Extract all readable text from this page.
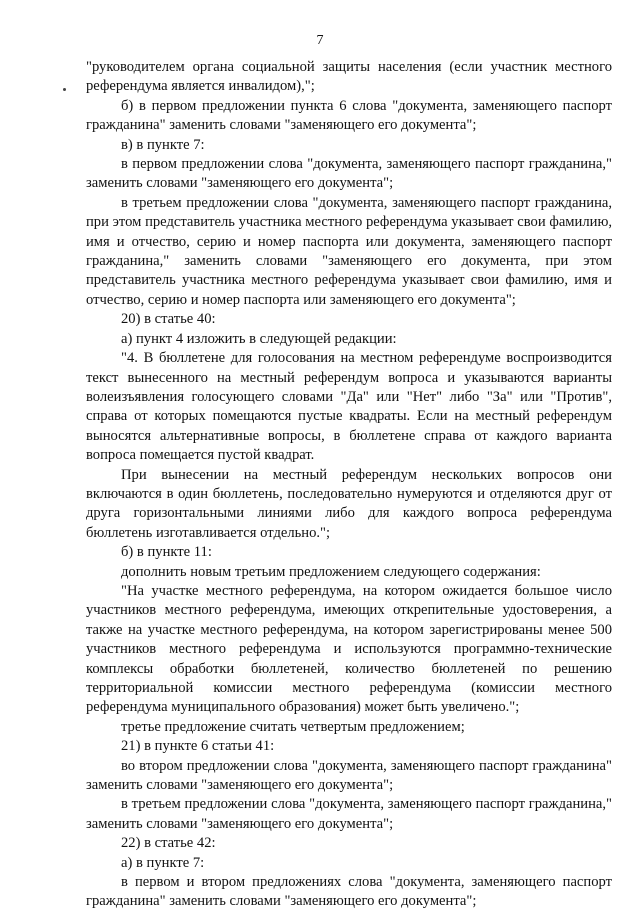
7

"руководителем органа социальной защиты населения (если участник местного референдума является инвалидом),";

б) в первом предложении пункта 6 слова "документа, заменяющего паспорт гражданина" заменить словами "заменяющего его документа";

в) в пункте 7:

в первом предложении слова "документа, заменяющего паспорт гражданина," заменить словами "заменяющего его документа";

в третьем предложении слова "документа, заменяющего паспорт гражданина, при этом представитель участника местного референдума указывает свои фамилию, имя и отчество, серию и номер паспорта или документа, заменяющего паспорт гражданина," заменить словами "заменяющего его документа, при этом представитель участника местного референдума указывает свои фамилию, имя и отчество, серию и номер паспорта или заменяющего его документа";

20) в статье 40:

а) пункт 4 изложить в следующей редакции:

"4. В бюллетене для голосования на местном референдуме воспроизводится текст вынесенного на местный референдум вопроса и указываются варианты волеизъявления голосующего словами "Да" или "Нет" либо "За" или "Против", справа от которых помещаются пустые квадраты. Если на местный референдум выносятся альтернативные вопросы, в бюллетене справа от каждого варианта вопроса помещается пустой квадрат.

При вынесении на местный референдум нескольких вопросов они включаются в один бюллетень, последовательно нумеруются и отделяются друг от друга горизонтальными линиями либо для каждого вопроса референдума бюллетень изготавливается отдельно.";

б) в пункте 11:

дополнить новым третьим предложением следующего содержания:

"На участке местного референдума, на котором ожидается большое число участников местного референдума, имеющих открепительные удостоверения, а также на участке местного референдума, на котором зарегистрированы менее 500 участников местного референдума и используются программно-технические комплексы обработки бюллетеней, количество бюллетеней по решению территориальной комиссии местного референдума (комиссии местного референдума муниципального образования) может быть увеличено.";

третье предложение считать четвертым предложением;

21) в пункте 6 статьи 41:

во втором предложении слова "документа, заменяющего паспорт гражданина" заменить словами "заменяющего его документа";

в третьем предложении слова "документа, заменяющего паспорт гражданина," заменить словами "заменяющего его документа";

22) в статье 42:

а) в пункте 7:

в первом и втором предложениях слова "документа, заменяющего паспорт гражданина" заменить словами "заменяющего его документа";
